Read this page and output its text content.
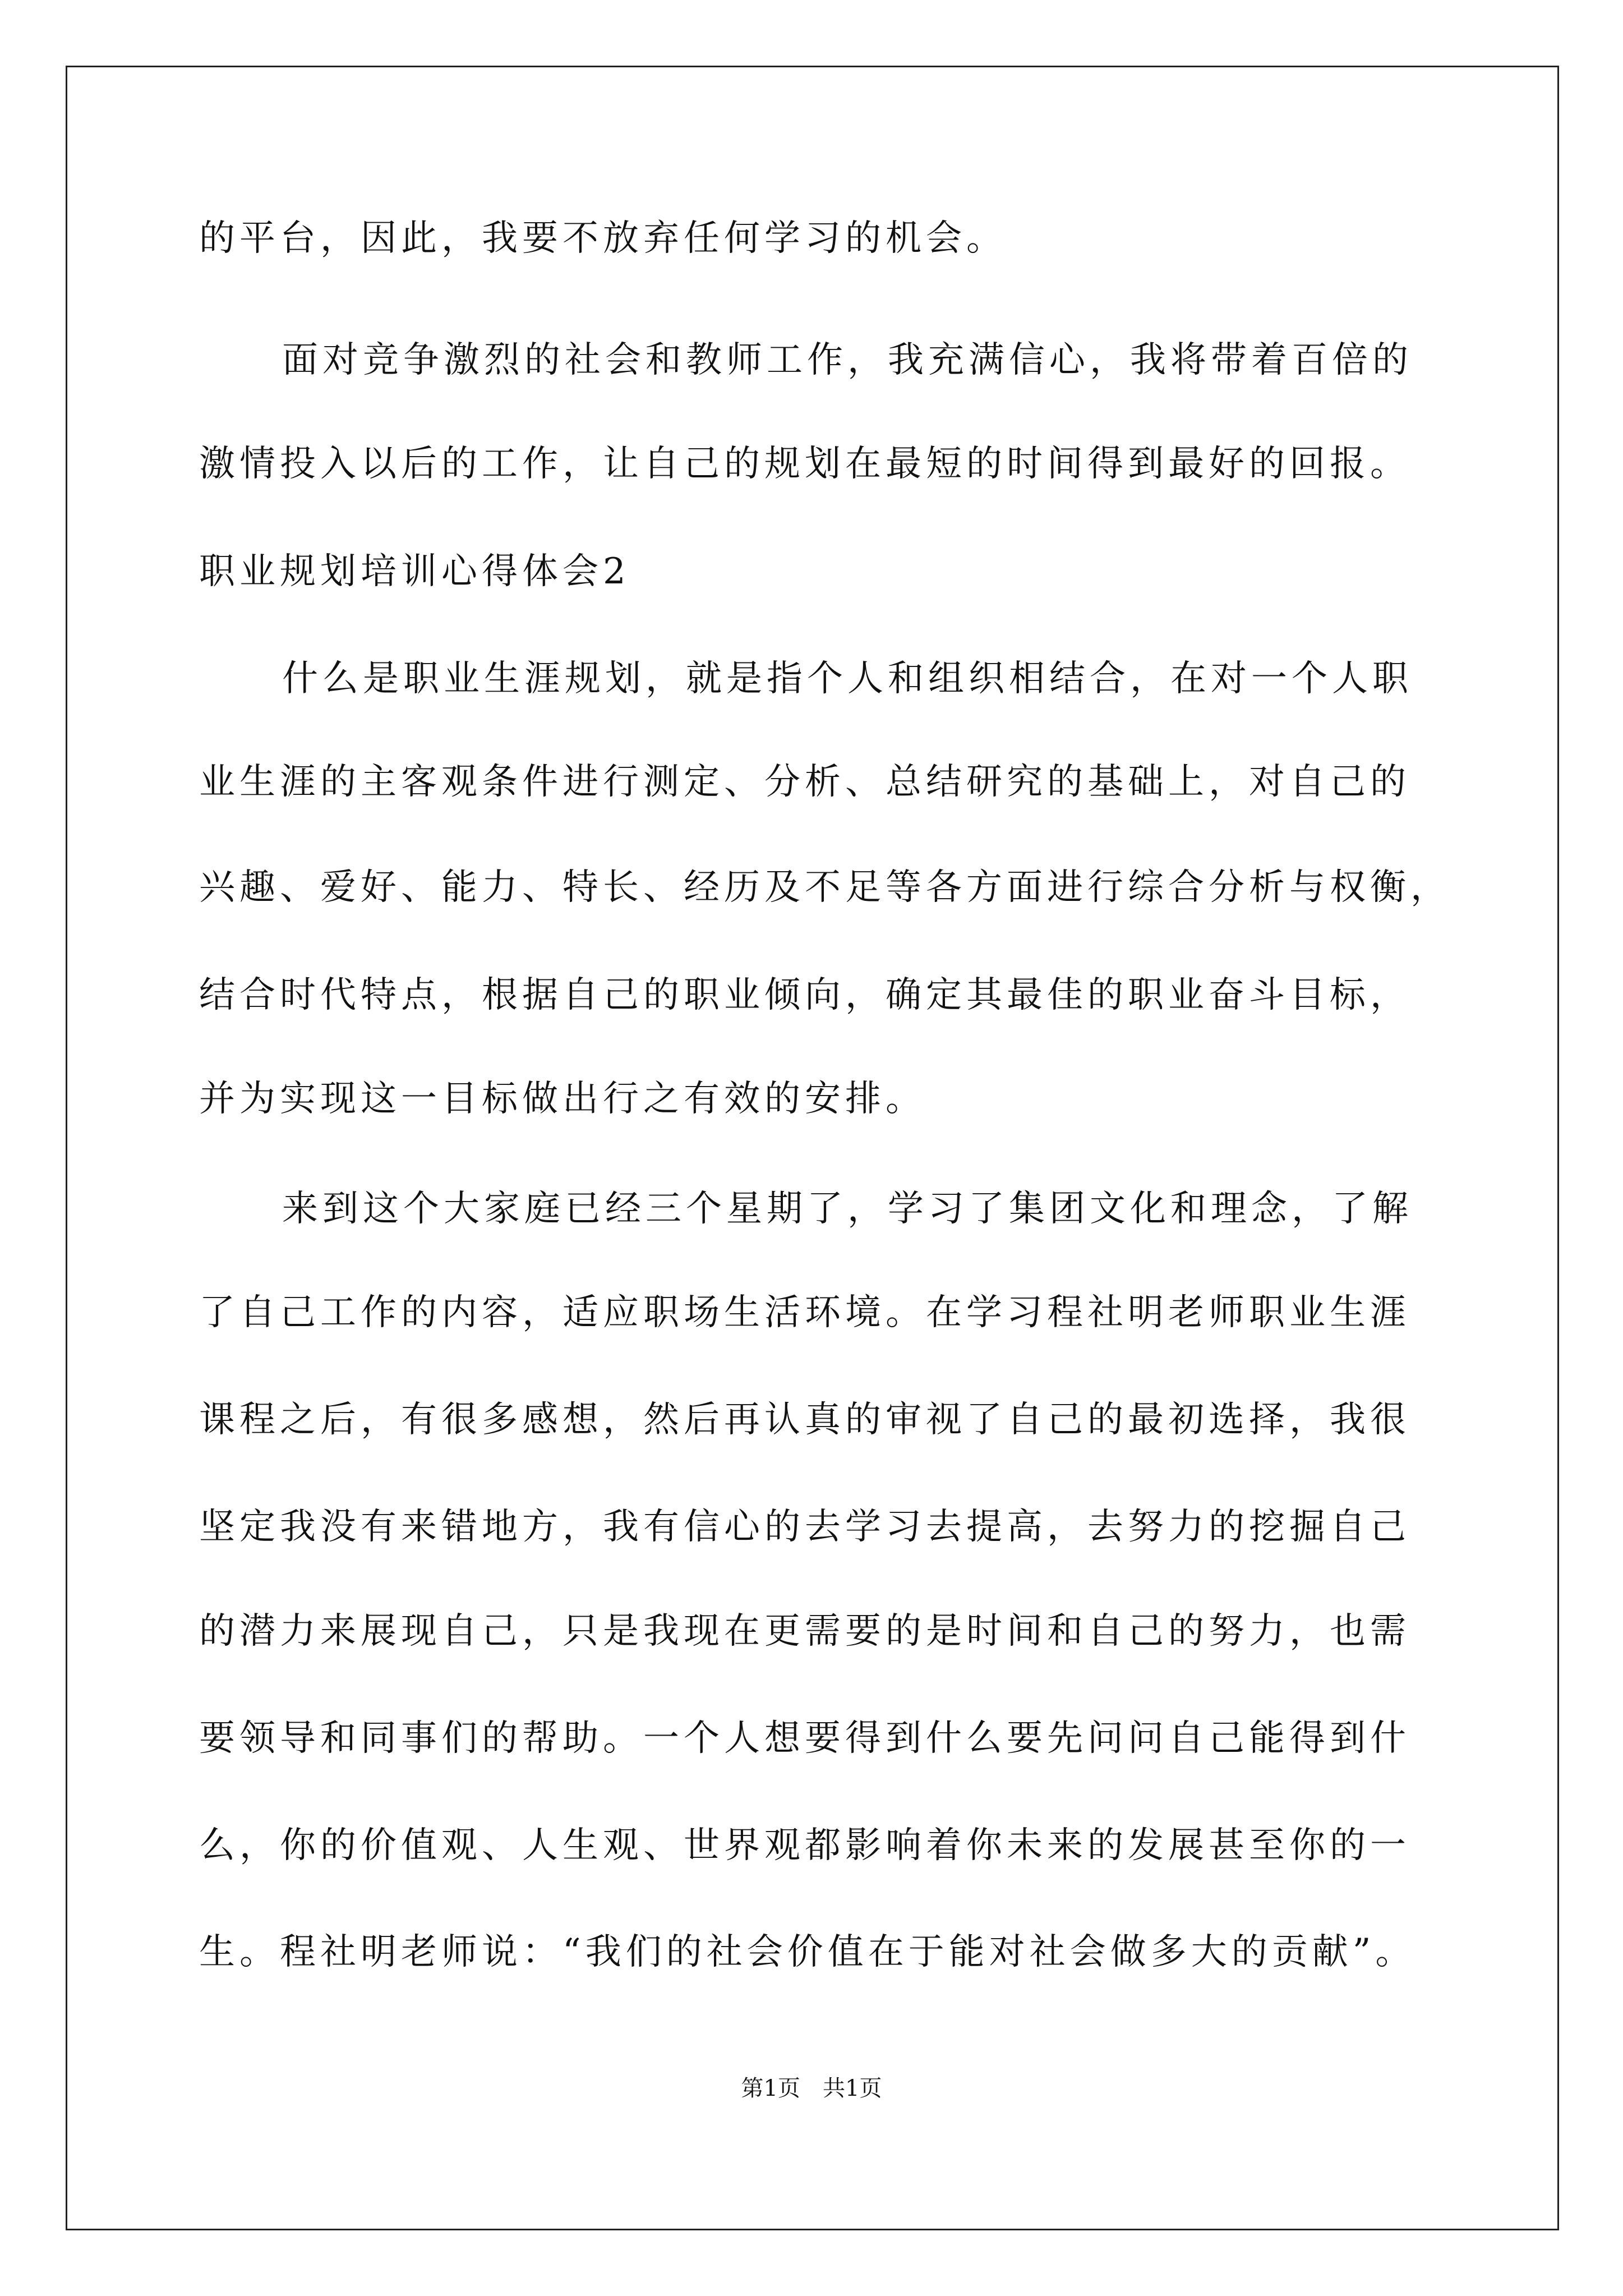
的平台，因此，我要不放弃任何学习的机会。
面对竞争激烈的社会和教师工作，我充满信心，我将带着百倍的
激情投入以后的工作，让自己的规划在最短的时间得到最好的回报。
职业规划培训心得体会2
什么是职业生涯规划，就是指个人和组织相结合，在对一个人职
业生涯的主客观条件进行测定、分析、总结研究的基础上，对自己的
兴趣、爱好、能力、特长、经历及不足等各方面进行综合分析与权衡，
结合时代特点，根据自己的职业倾向，确定其最佳的职业奋斗目标，
并为实现这一目标做出行之有效的安排。
来到这个大家庭已经三个星期了，学习了集团文化和理念，了解
了自己工作的内容，适应职场生活环境。在学习程社明老师职业生涯
课程之后，有很多感想，然后再认真的审视了自己的最初选择，我很
坚定我没有来错地方，我有信心的去学习去提高，去努力的挖掘自己
的潜力来展现自己，只是我现在更需要的是时间和自己的努力，也需
要领导和同事们的帮助。一个人想要得到什么要先问问自己能得到什
么，你的价值观、人生观、世界观都影响着你未来的发展甚至你的一
生。程社明老师说：“我们的社会价值在于能对社会做多大的贡献”。
第1页　共1页
